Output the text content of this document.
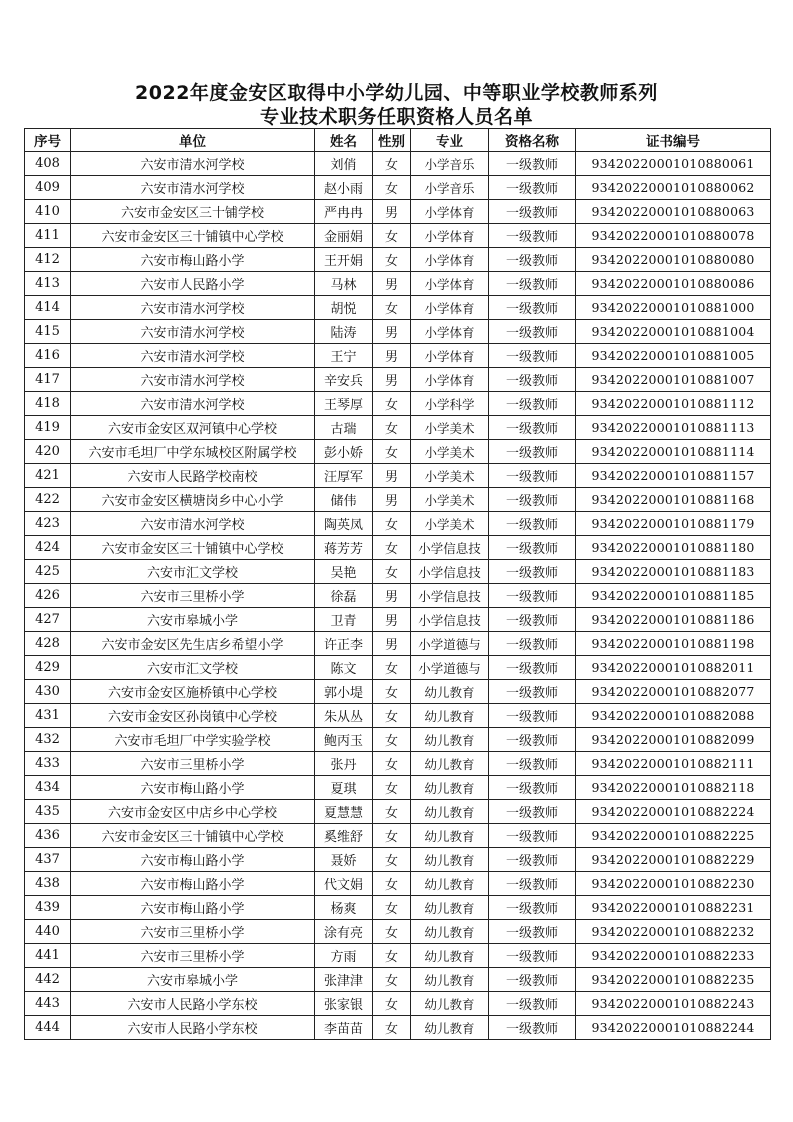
2022年度金安区取得中小学幼儿园、中等职业学校教师系列
专业技术职务任职资格人员名单
序号	单位	姓名	性别	专业	资格名称	证书编号
408	六安市清水河学校	刘俏	女	小学音乐	一级教师	93420220001010880061
409	六安市清水河学校	赵小雨	女	小学音乐	一级教师	93420220001010880062
410	六安市金安区三十铺学校	严冉冉	男	小学体育	一级教师	93420220001010880063
411	六安市金安区三十铺镇中心学校	金丽娟	女	小学体育	一级教师	93420220001010880078
412	六安市梅山路小学	王开娟	女	小学体育	一级教师	93420220001010880080
413	六安市人民路小学	马林	男	小学体育	一级教师	93420220001010880086
414	六安市清水河学校	胡悦	女	小学体育	一级教师	93420220001010881000
415	六安市清水河学校	陆涛	男	小学体育	一级教师	93420220001010881004
416	六安市清水河学校	王宁	男	小学体育	一级教师	93420220001010881005
417	六安市清水河学校	辛安兵	男	小学体育	一级教师	93420220001010881007
418	六安市清水河学校	王琴厚	女	小学科学	一级教师	93420220001010881112
419	六安市金安区双河镇中心学校	古瑞	女	小学美术	一级教师	93420220001010881113
420	六安市毛坦厂中学东城校区附属学校	彭小娇	女	小学美术	一级教师	93420220001010881114
421	六安市人民路学校南校	汪厚军	男	小学美术	一级教师	93420220001010881157
422	六安市金安区横塘岗乡中心小学	储伟	男	小学美术	一级教师	93420220001010881168
423	六安市清水河学校	陶英凤	女	小学美术	一级教师	93420220001010881179
424	六安市金安区三十铺镇中心学校	蒋芳芳	女	小学信息技	一级教师	93420220001010881180
425	六安市汇文学校	吴艳	女	小学信息技	一级教师	93420220001010881183
426	六安市三里桥小学	徐磊	男	小学信息技	一级教师	93420220001010881185
427	六安市皋城小学	卫青	男	小学信息技	一级教师	93420220001010881186
428	六安市金安区先生店乡希望小学	许正李	男	小学道德与	一级教师	93420220001010881198
429	六安市汇文学校	陈文	女	小学道德与	一级教师	93420220001010882011
430	六安市金安区施桥镇中心学校	郭小堤	女	幼儿教育	一级教师	93420220001010882077
431	六安市金安区孙岗镇中心学校	朱从丛	女	幼儿教育	一级教师	93420220001010882088
432	六安市毛坦厂中学实验学校	鲍丙玉	女	幼儿教育	一级教师	93420220001010882099
433	六安市三里桥小学	张丹	女	幼儿教育	一级教师	93420220001010882111
434	六安市梅山路小学	夏琪	女	幼儿教育	一级教师	93420220001010882118
435	六安市金安区中店乡中心学校	夏慧慧	女	幼儿教育	一级教师	93420220001010882224
436	六安市金安区三十铺镇中心学校	奚维舒	女	幼儿教育	一级教师	93420220001010882225
437	六安市梅山路小学	聂娇	女	幼儿教育	一级教师	93420220001010882229
438	六安市梅山路小学	代文娟	女	幼儿教育	一级教师	93420220001010882230
439	六安市梅山路小学	杨爽	女	幼儿教育	一级教师	93420220001010882231
440	六安市三里桥小学	涂有亮	女	幼儿教育	一级教师	93420220001010882232
441	六安市三里桥小学	方雨	女	幼儿教育	一级教师	93420220001010882233
442	六安市皋城小学	张津津	女	幼儿教育	一级教师	93420220001010882235
443	六安市人民路小学东校	张家银	女	幼儿教育	一级教师	93420220001010882243
444	六安市人民路小学东校	李苗苗	女	幼儿教育	一级教师	93420220001010882244
